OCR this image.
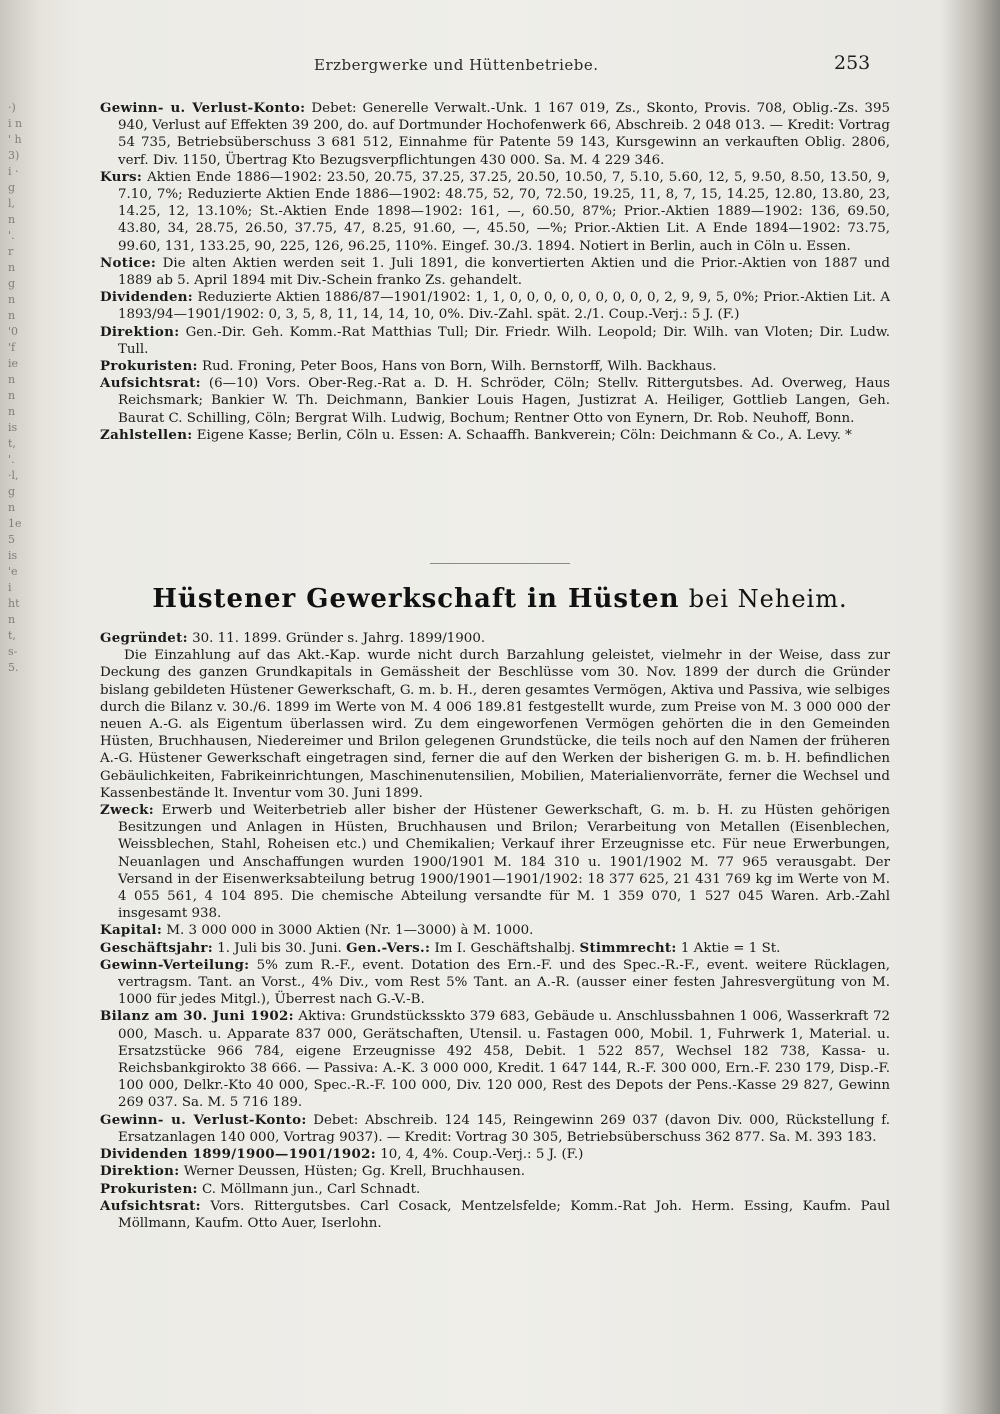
·)
i n
' h
3)
i ·
g
l,
n
'.
r
n
g
n
n
'0
'f
ie
n
n
n
is
t,
'.
·l,
g
n
1e
5
is
'e
i
ht
n
t,
s-
5.
Erzbergwerke und Hüttenbetriebe.	253

Gewinn- u. Verlust-Konto: Debet: Generelle Verwalt.-Unk. 1 167 019, Zs., Skonto, Provis. 708, Oblig.-Zs. 395 940, Verlust auf Effekten 39 200, do. auf Dortmunder Hochofenwerk 66, Abschreib. 2 048 013. — Kredit: Vortrag 54 735, Betriebsüberschuss 3 681 512, Einnahme für Patente 59 143, Kursgewinn an verkauften Oblig. 2806, verf. Div. 1150, Übertrag Kto Bezugsverpflichtungen 430 000. Sa. M. 4 229 346.

Kurs: Aktien Ende 1886—1902: 23.50, 20.75, 37.25, 37.25, 20.50, 10.50, 7, 5.10, 5.60, 12, 5, 9.50, 8.50, 13.50, 9, 7.10, 7%; Reduzierte Aktien Ende 1886—1902: 48.75, 52, 70, 72.50, 19.25, 11, 8, 7, 15, 14.25, 12.80, 13.80, 23, 14.25, 12, 13.10%; St.-Aktien Ende 1898—1902: 161, —, 60.50, 87%; Prior.-Aktien 1889—1902: 136, 69.50, 43.80, 34, 28.75, 26.50, 37.75, 47, 8.25, 91.60, —, 45.50, —%; Prior.-Aktien Lit. A Ende 1894—1902: 73.75, 99.60, 131, 133.25, 90, 225, 126, 96.25, 110%. Eingef. 30./3. 1894. Notiert in Berlin, auch in Cöln u. Essen.

Notice: Die alten Aktien werden seit 1. Juli 1891, die konvertierten Aktien und die Prior.-Aktien von 1887 und 1889 ab 5. April 1894 mit Div.-Schein franko Zs. gehandelt.

Dividenden: Reduzierte Aktien 1886/87—1901/1902: 1, 1, 0, 0, 0, 0, 0, 0, 0, 0, 0, 2, 9, 9, 5, 0%; Prior.-Aktien Lit. A 1893/94—1901/1902: 0, 3, 5, 8, 11, 14, 14, 10, 0%. Div.-Zahl. spät. 2./1. Coup.-Verj.: 5 J. (F.)

Direktion: Gen.-Dir. Geh. Komm.-Rat Matthias Tull; Dir. Friedr. Wilh. Leopold; Dir. Wilh. van Vloten; Dir. Ludw. Tull.

Prokuristen: Rud. Froning, Peter Boos, Hans von Born, Wilh. Bernstorff, Wilh. Backhaus.

Aufsichtsrat: (6—10) Vors. Ober-Reg.-Rat a. D. H. Schröder, Cöln; Stellv. Rittergutsbes. Ad. Overweg, Haus Reichsmark; Bankier W. Th. Deichmann, Bankier Louis Hagen, Justizrat A. Heiliger, Gottlieb Langen, Geh. Baurat C. Schilling, Cöln; Bergrat Wilh. Ludwig, Bochum; Rentner Otto von Eynern, Dr. Rob. Neuhoff, Bonn.

Zahlstellen: Eigene Kasse; Berlin, Cöln u. Essen: A. Schaaffh. Bankverein; Cöln: Deichmann & Co., A. Levy. *

Hüstener Gewerkschaft in Hüsten bei Neheim.

Gegründet: 30. 11. 1899. Gründer s. Jahrg. 1899/1900.

Die Einzahlung auf das Akt.-Kap. wurde nicht durch Barzahlung geleistet, vielmehr in der Weise, dass zur Deckung des ganzen Grundkapitals in Gemässheit der Beschlüsse vom 30. Nov. 1899 der durch die Gründer bislang gebildeten Hüstener Gewerkschaft, G. m. b. H., deren gesamtes Vermögen, Aktiva und Passiva, wie selbiges durch die Bilanz v. 30./6. 1899 im Werte von M. 4 006 189.81 festgestellt wurde, zum Preise von M. 3 000 000 der neuen A.-G. als Eigentum überlassen wird. Zu dem eingeworfenen Vermögen gehörten die in den Gemeinden Hüsten, Bruchhausen, Niedereimer und Brilon gelegenen Grundstücke, die teils noch auf den Namen der früheren A.-G. Hüstener Gewerkschaft eingetragen sind, ferner die auf den Werken der bisherigen G. m. b. H. befindlichen Gebäulichkeiten, Fabrikeinrichtungen, Maschinenutensilien, Mobilien, Materialienvorräte, ferner die Wechsel und Kassenbestände lt. Inventur vom 30. Juni 1899.

Zweck: Erwerb und Weiterbetrieb aller bisher der Hüstener Gewerkschaft, G. m. b. H. zu Hüsten gehörigen Besitzungen und Anlagen in Hüsten, Bruchhausen und Brilon; Verarbeitung von Metallen (Eisenblechen, Weissblechen, Stahl, Roheisen etc.) und Chemikalien; Verkauf ihrer Erzeugnisse etc. Für neue Erwerbungen, Neuanlagen und Anschaffungen wurden 1900/1901 M. 184 310 u. 1901/1902 M. 77 965 verausgabt. Der Versand in der Eisenwerksabteilung betrug 1900/1901—1901/1902: 18 377 625, 21 431 769 kg im Werte von M. 4 055 561, 4 104 895. Die chemische Abteilung versandte für M. 1 359 070, 1 527 045 Waren. Arb.-Zahl insgesamt 938.

Kapital: M. 3 000 000 in 3000 Aktien (Nr. 1—3000) à M. 1000.

Geschäftsjahr: 1. Juli bis 30. Juni. Gen.-Vers.: Im I. Geschäftshalbj. Stimmrecht: 1 Aktie = 1 St.

Gewinn-Verteilung: 5% zum R.-F., event. Dotation des Ern.-F. und des Spec.-R.-F., event. weitere Rücklagen, vertragsm. Tant. an Vorst., 4% Div., vom Rest 5% Tant. an A.-R. (ausser einer festen Jahresvergütung von M. 1000 für jedes Mitgl.), Überrest nach G.-V.-B.

Bilanz am 30. Juni 1902: Aktiva: Grundstücksskto 379 683, Gebäude u. Anschlussbahnen 1 006, Wasserkraft 72 000, Masch. u. Apparate 837 000, Gerätschaften, Utensil. u. Fastagen 000, Mobil. 1, Fuhrwerk 1, Material. u. Ersatzstücke 966 784, eigene Erzeugnisse 492 458, Debit. 1 522 857, Wechsel 182 738, Kassa- u. Reichsbankgirokto 38 666. — Passiva: A.-K. 3 000 000, Kredit. 1 647 144, R.-F. 300 000, Ern.-F. 230 179, Disp.-F. 100 000, Delkr.-Kto 40 000, Spec.-R.-F. 100 000, Div. 120 000, Rest des Depots der Pens.-Kasse 29 827, Gewinn 269 037. Sa. M. 5 716 189.

Gewinn- u. Verlust-Konto: Debet: Abschreib. 124 145, Reingewinn 269 037 (davon Div. 000, Rückstellung f. Ersatzanlagen 140 000, Vortrag 9037). — Kredit: Vortrag 30 305, Betriebsüberschuss 362 877. Sa. M. 393 183.

Dividenden 1899/1900—1901/1902: 10, 4, 4%. Coup.-Verj.: 5 J. (F.)

Direktion: Werner Deussen, Hüsten; Gg. Krell, Bruchhausen.

Prokuristen: C. Möllmann jun., Carl Schnadt.

Aufsichtsrat: Vors. Rittergutsbes. Carl Cosack, Mentzelsfelde; Komm.-Rat Joh. Herm. Essing, Kaufm. Paul Möllmann, Kaufm. Otto Auer, Iserlohn.
